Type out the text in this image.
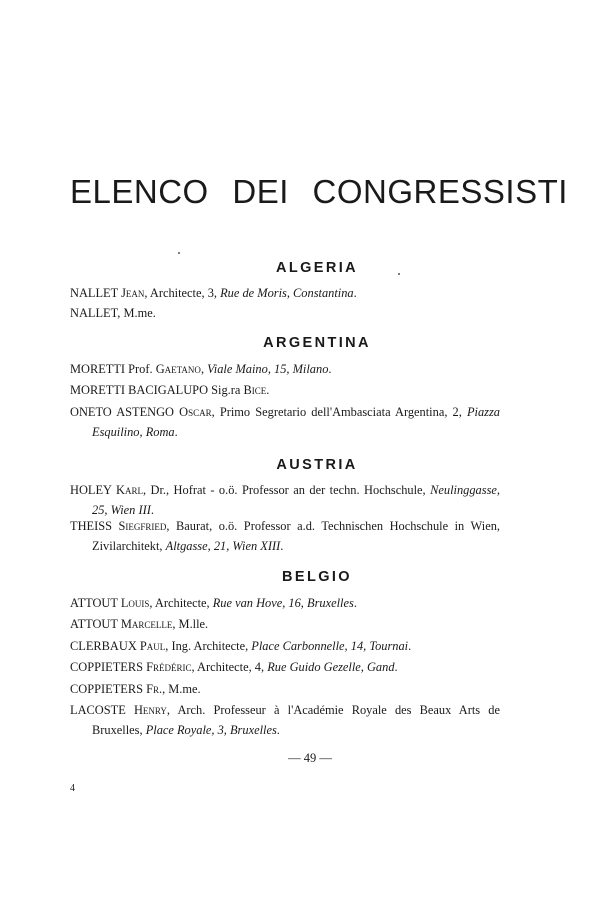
ELENCO DEI CONGRESSISTI
ALGERIA

NALLET Jean, Architecte, 3, Rue de Moris, Constantina.

NALLET, M.me.

ARGENTINA

MORETTI Prof. Gaetano, Viale Maino, 15, Milano.

MORETTI BACIGALUPO Sig.ra Bice.

ONETO ASTENGO Oscar, Primo Segretario dell'Ambasciata Argentina, 2, Piazza Esquilino, Roma.

AUSTRIA

HOLEY Karl, Dr., Hofrat - o.ö. Professor an der techn. Hochschule, Neulinggasse, 25, Wien III.

THEISS Siegfried, Baurat, o.ö. Professor a.d. Technischen Hochschule in Wien, Zivilarchitekt, Altgasse, 21, Wien XIII.

BELGIO

ATTOUT Louis, Architecte, Rue van Hove, 16, Bruxelles.

ATTOUT Marcelle, M.lle.

CLERBAUX Paul, Ing. Architecte, Place Carbonnelle, 14, Tournai.

COPPIETERS Frédéric, Architecte, 4, Rue Guido Gezelle, Gand.

COPPIETERS Fr., M.me.

LACOSTE Henry, Arch. Professeur à l'Académie Royale des Beaux Arts de Bruxelles, Place Royale, 3, Bruxelles.

— 49 —

4
